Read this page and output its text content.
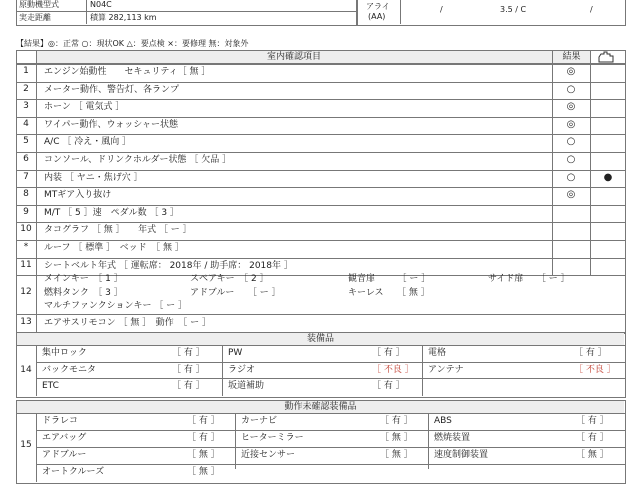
原動機型式	N04C
実走距離	積算 282,113 km
アライ
(AA)
/	3.5 / C	/
【結果】◎：正常 ○：現状OK △：要点検 ×：要修理 無：対象外
室内確認項目	結果
1	エンジン始動性　　セキュリティ［ 無 ］	◎
2	メーター動作、警告灯、各ランプ	○
3	ホーン ［ 電気式 ］	◎
4	ワイパー動作、ウォッシャー状態	◎
5	A/C ［ 冷え・風向 ］	○
6	コンソール、ドリンクホルダー状態 ［ 欠品 ］	○
7	内装 ［ ヤニ・焦げ穴 ］	○	●
8	MTギア入り抜け	◎
9	M/T ［ 5 ］速　ペダル数 ［ 3 ］
10	タコグラフ ［ 無 ］　　年式 ［ ー ］
*	ルーフ ［ 標準 ］　ベッド　［ 無 ］
11	シートベルト年式 ［ 運転席： 2018年 / 助手席： 2018年 ］
12
メインキー　［ 1 ］	スペアキー　［ 2 ］	観音扉　　　［ ー ］	サイド扉　　［ ー ］
燃料タンク　［ 3 ］	アドブルー　　［ ー ］	キーレス　　［ 無 ］
マルチファンクションキー ［ ー ］
13	エアサスリモコン ［ 無 ］　動作　［ ー ］
装備品
14
集中ロック	［ 有 ］	PW	［ 有 ］	電格	［ 有 ］
バックモニタ	［ 有 ］	ラジオ	［ 不良 ］ アンテナ	［ 不良 ］
ETC	［ 有 ］	坂道補助	［ 有 ］
動作未確認装備品
15
ドラレコ	［ 有 ］ カーナビ	［ 有 ］ ABS	［ 有 ］
エアバッグ	［ 有 ］ ヒーターミラー	［ 無 ］ 燃焼装置	［ 有 ］
アドブルー	［ 無 ］ 近接センサー	［ 無 ］ 速度制御装置	［ 無 ］
オートクルーズ	［ 無 ］
